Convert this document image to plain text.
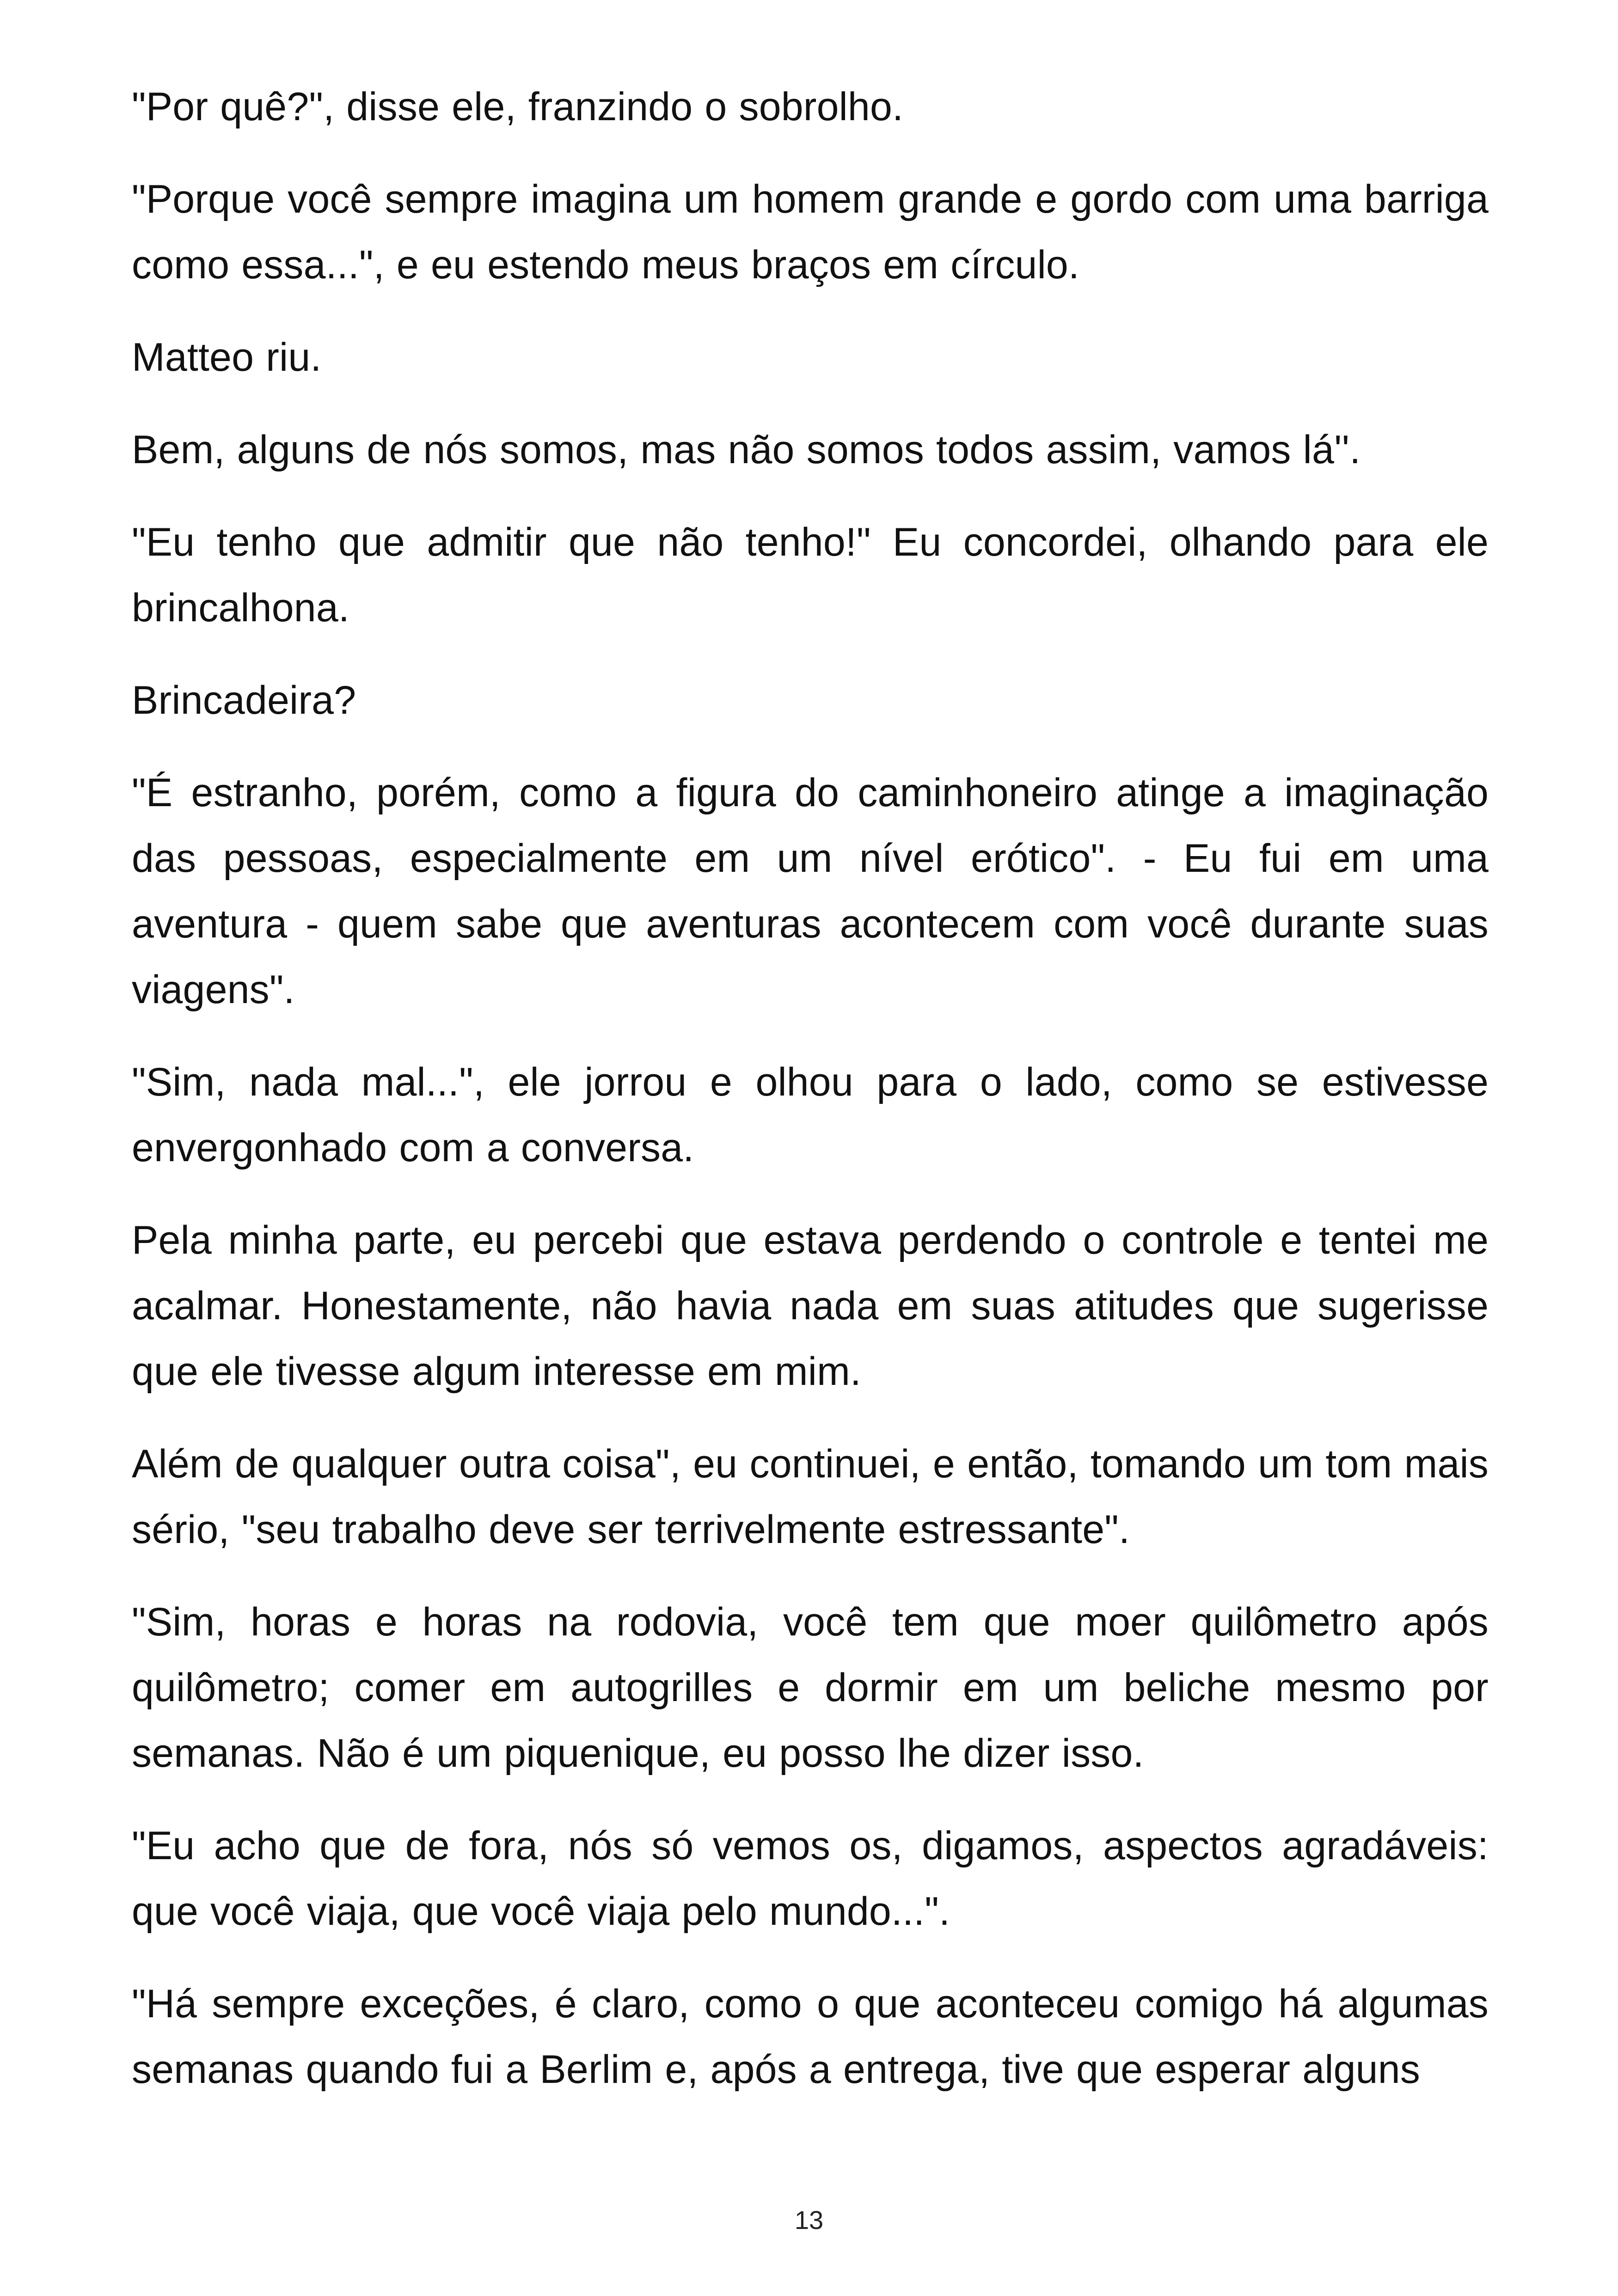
"Por quê?", disse ele, franzindo o sobrolho.

"Porque você sempre imagina um homem grande e gordo com uma barriga como essa...", e eu estendo meus braços em círculo.

Matteo riu.

Bem, alguns de nós somos, mas não somos todos assim, vamos lá''.

"Eu tenho que admitir que não tenho!" Eu concordei, olhando para ele brincalhona.

Brincadeira?

"É estranho, porém, como a figura do caminhoneiro atinge a imaginação das pessoas, especialmente em um nível erótico". - Eu fui em uma aventura - quem sabe que aventuras acontecem com você durante suas viagens".

"Sim, nada mal...", ele jorrou e olhou para o lado, como se estivesse envergonhado com a conversa.

Pela minha parte, eu percebi que estava perdendo o controle e tentei me acalmar. Honestamente, não havia nada em suas atitudes que sugerisse que ele tivesse algum interesse em mim.

Além de qualquer outra coisa", eu continuei, e então, tomando um tom mais sério, "seu trabalho deve ser terrivelmente estressante".

"Sim, horas e horas na rodovia, você tem que moer quilômetro após quilômetro; comer em autogrilles e dormir em um beliche mesmo por semanas. Não é um piquenique, eu posso lhe dizer isso.

"Eu acho que de fora, nós só vemos os, digamos, aspectos agradáveis: que você viaja, que você viaja pelo mundo...".

"Há sempre exceções, é claro, como o que aconteceu comigo há algumas semanas quando fui a Berlim e, após a entrega, tive que esperar alguns

13
